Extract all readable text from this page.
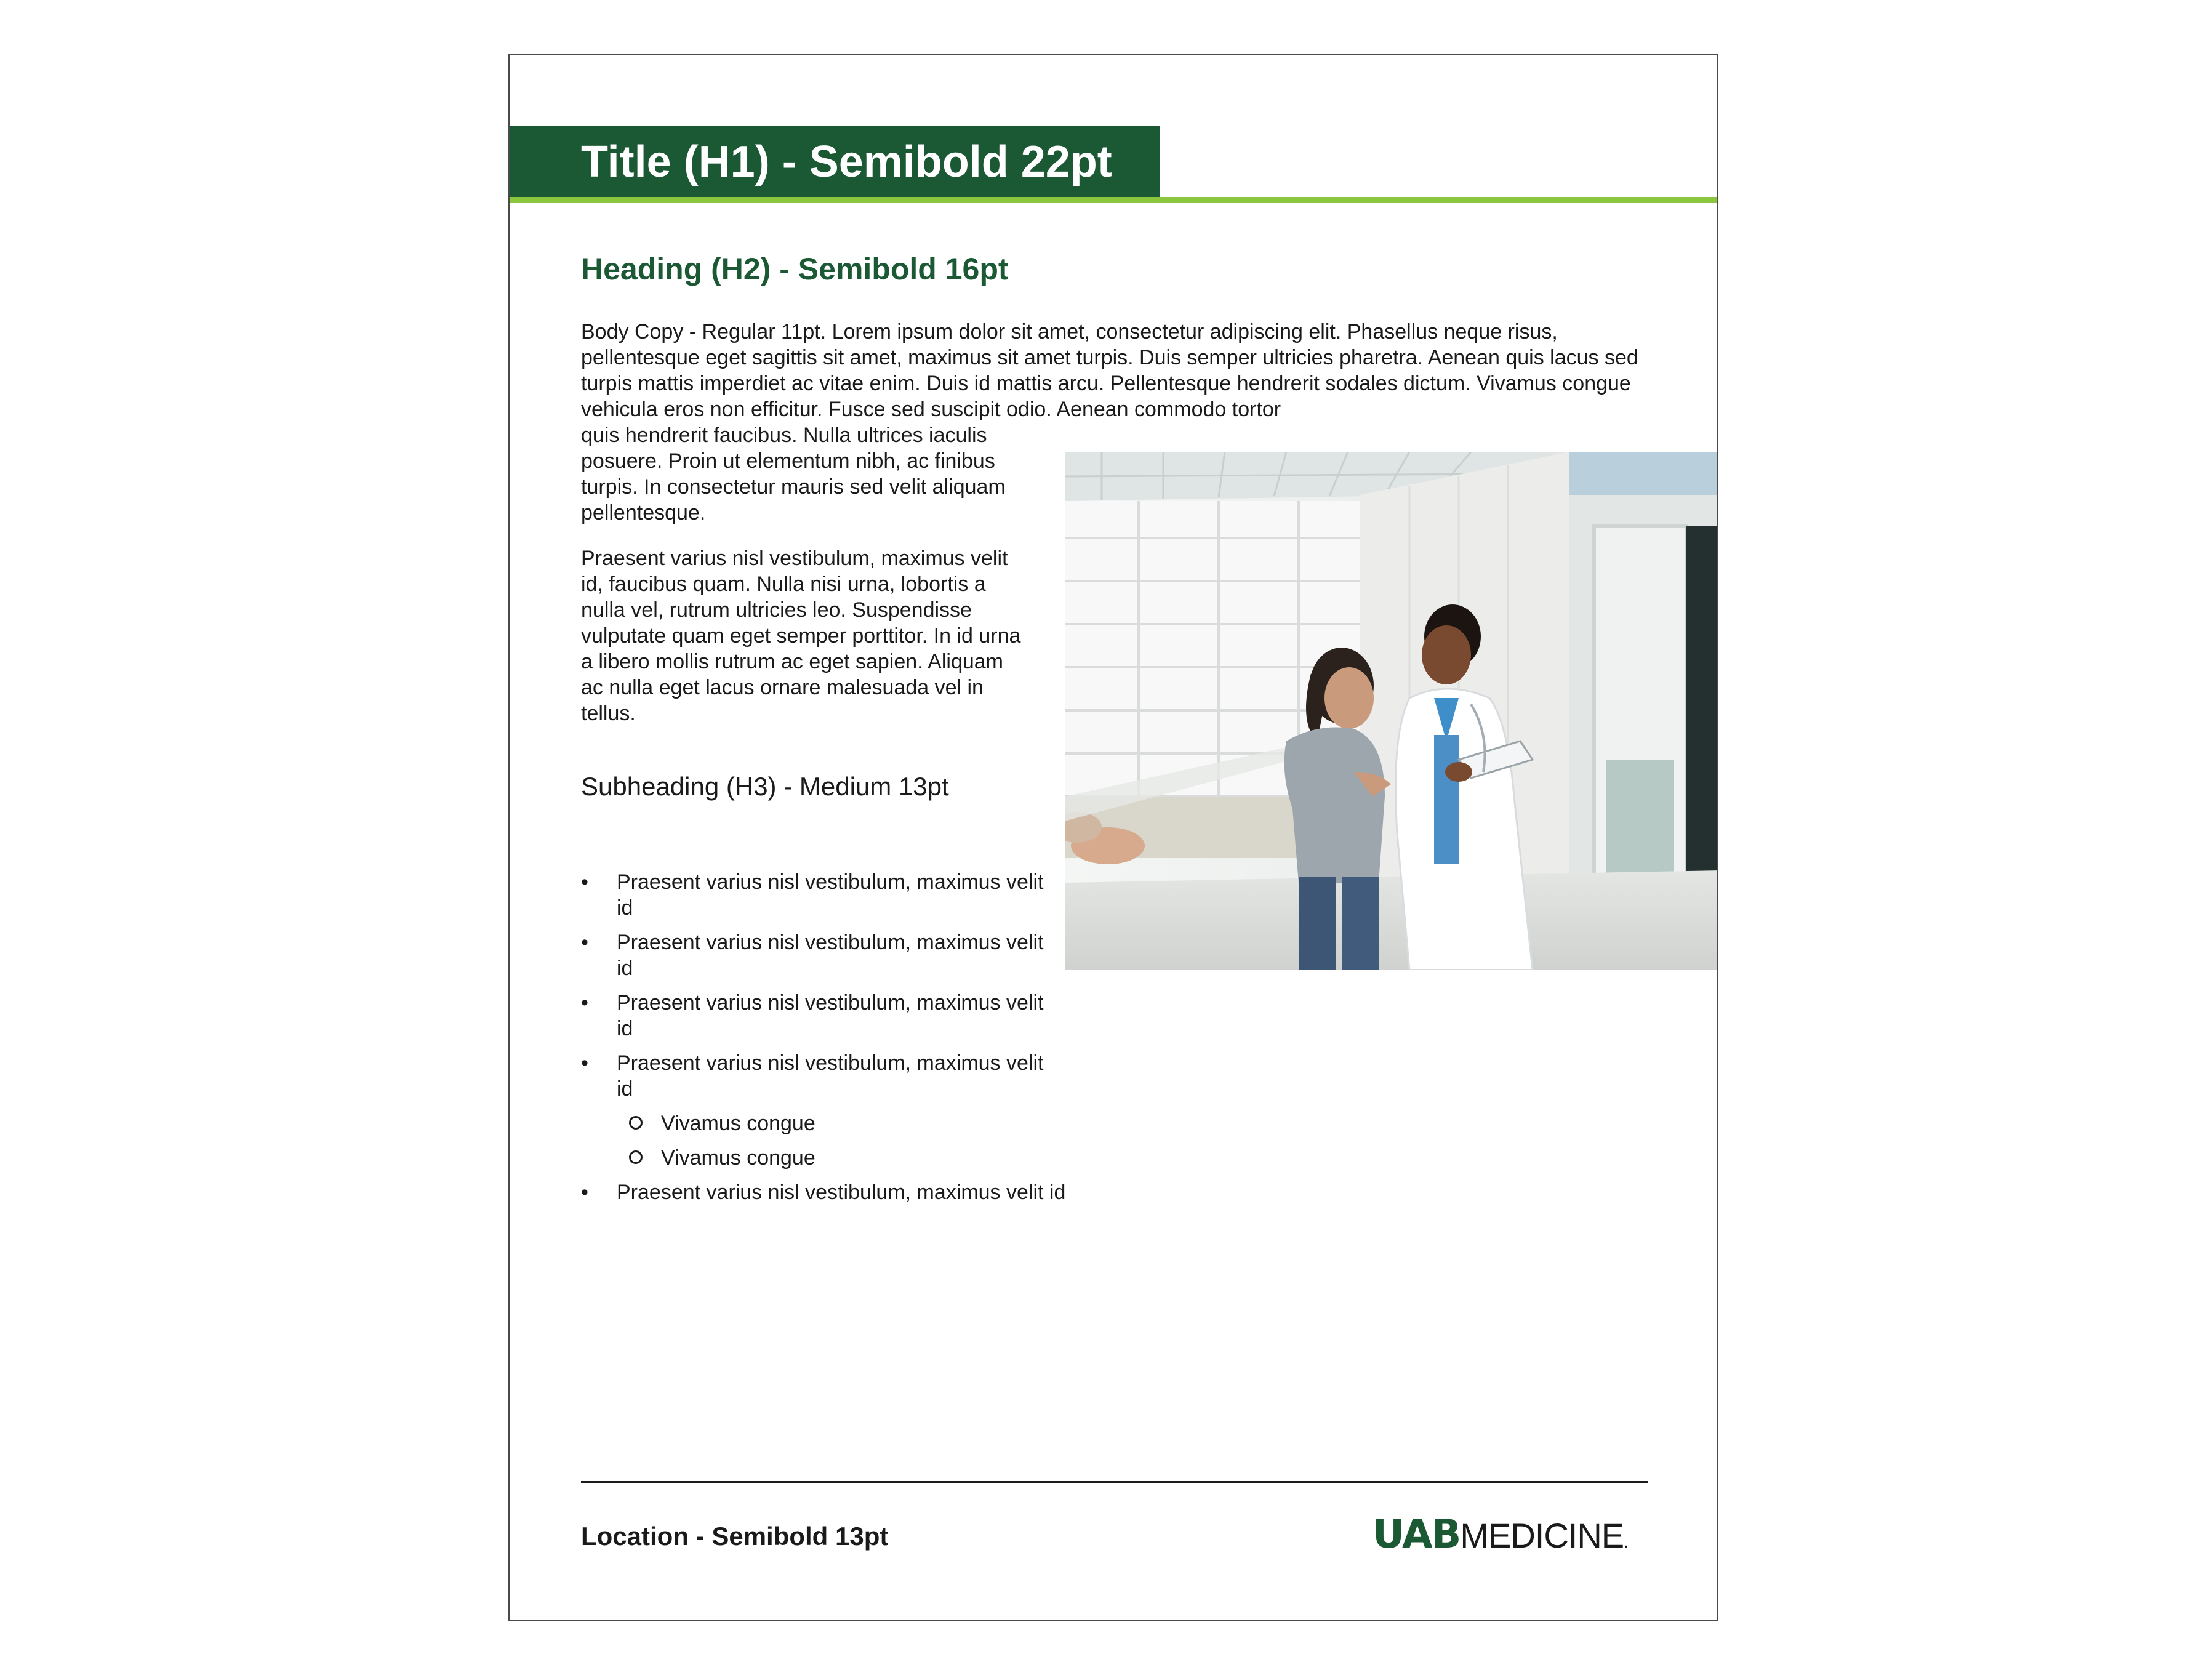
Title (H1) - Semibold 22pt
Heading (H2) - Semibold 16pt

Body Copy - Regular 11pt. Lorem ipsum dolor sit amet, consectetur adipiscing elit. Phasellus neque risus, pellentesque eget sagittis sit amet, maximus sit amet turpis. Duis semper ultricies pharetra. Aenean quis lacus sed turpis mattis imperdiet ac vitae enim. Duis id mattis arcu. Pellentesque hendrerit sodales dictum. Vivamus congue vehicula eros non efficitur. Fusce sed suscipit odio. Aenean commodo tortor

quis hendrerit faucibus. Nulla ultrices iaculis posuere. Proin ut elementum nibh, ac finibus turpis. In consectetur mauris sed velit aliquam pellentesque.

Praesent varius nisl vestibulum, maximus velit id, faucibus quam. Nulla nisi urna, lobortis a nulla vel, rutrum ultricies leo. Suspendisse vulputate quam eget semper porttitor. In id urna a libero mollis rutrum ac eget sapien. Aliquam ac nulla eget lacus ornare malesuada vel in tellus.

Subheading (H3) - Medium 13pt
• Praesent varius nisl vestibulum, maximus velit id
• Praesent varius nisl vestibulum, maximus velit id
• Praesent varius nisl vestibulum, maximus velit id
• Praesent varius nisl vestibulum, maximus velit id
Vivamus congue
Vivamus congue
• Praesent varius nisl vestibulum, maximus velit id
Location - Semibold 13pt	UABMEDICINE.
